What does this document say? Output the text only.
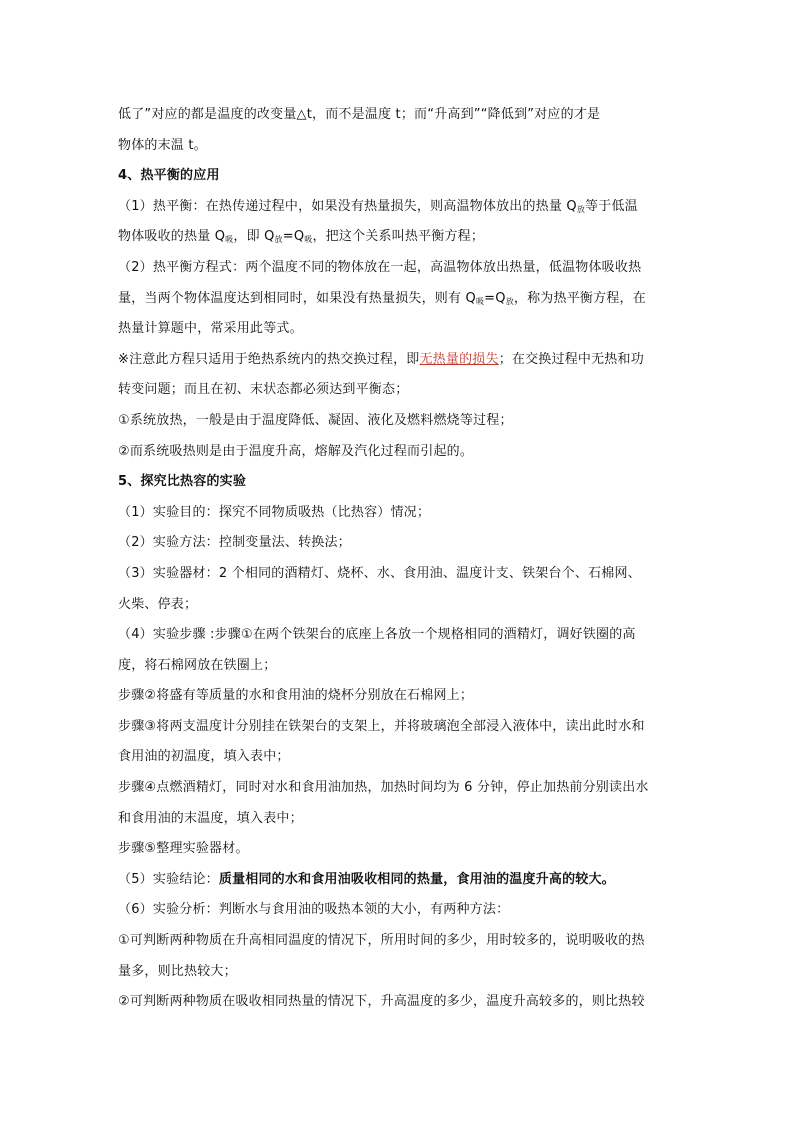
低了”对应的都是温度的改变量△t，而不是温度 t；而“升高到”“降低到”对应的才是
物体的末温 t。
4、热平衡的应用
（1）热平衡：在热传递过程中，如果没有热量损失，则高温物体放出的热量 $Q_放$等于低温
物体吸收的热量 $Q_吸$，即 $Q_放=Q_吸$，把这个关系叫热平衡方程；
（2）热平衡方程式：两个温度不同的物体放在一起，高温物体放出热量，低温物体吸收热
量，当两个物体温度达到相同时，如果没有热量损失，则有 $Q_吸=Q_放$，称为热平衡方程，在
热量计算题中，常采用此等式。
※注意此方程只适用于绝热系统内的热交换过程，即无热量的损失；在交换过程中无热和功
转变问题；而且在初、末状态都必须达到平衡态；
①系统放热，一般是由于温度降低、凝固、液化及燃料燃烧等过程；
②而系统吸热则是由于温度升高，熔解及汽化过程而引起的。
5、探究比热容的实验
（1）实验目的：探究不同物质吸热（比热容）情况；
（2）实验方法：控制变量法、转换法；
（3）实验器材：2 个相同的酒精灯、烧杯、水、食用油、温度计支、铁架台个、石棉网、
火柴、停表；
（4）实验步骤 :步骤①在两个铁架台的底座上各放一个规格相同的酒精灯，调好铁圈的高
度，将石棉网放在铁圈上；
步骤②将盛有等质量的水和食用油的烧杯分别放在石棉网上；
步骤③将两支温度计分别挂在铁架台的支架上，并将玻璃泡全部浸入液体中，读出此时水和
食用油的初温度，填入表中；
步骤④点燃酒精灯，同时对水和食用油加热，加热时间均为 6 分钟，停止加热前分别读出水
和食用油的末温度，填入表中；
步骤⑤整理实验器材。
（5）实验结论：质量相同的水和食用油吸收相同的热量，食用油的温度升高的较大。
（6）实验分析：判断水与食用油的吸热本领的大小，有两种方法：
①可判断两种物质在升高相同温度的情况下，所用时间的多少，用时较多的，说明吸收的热
量多，则比热较大；
②可判断两种物质在吸收相同热量的情况下，升高温度的多少，温度升高较多的，则比热较
